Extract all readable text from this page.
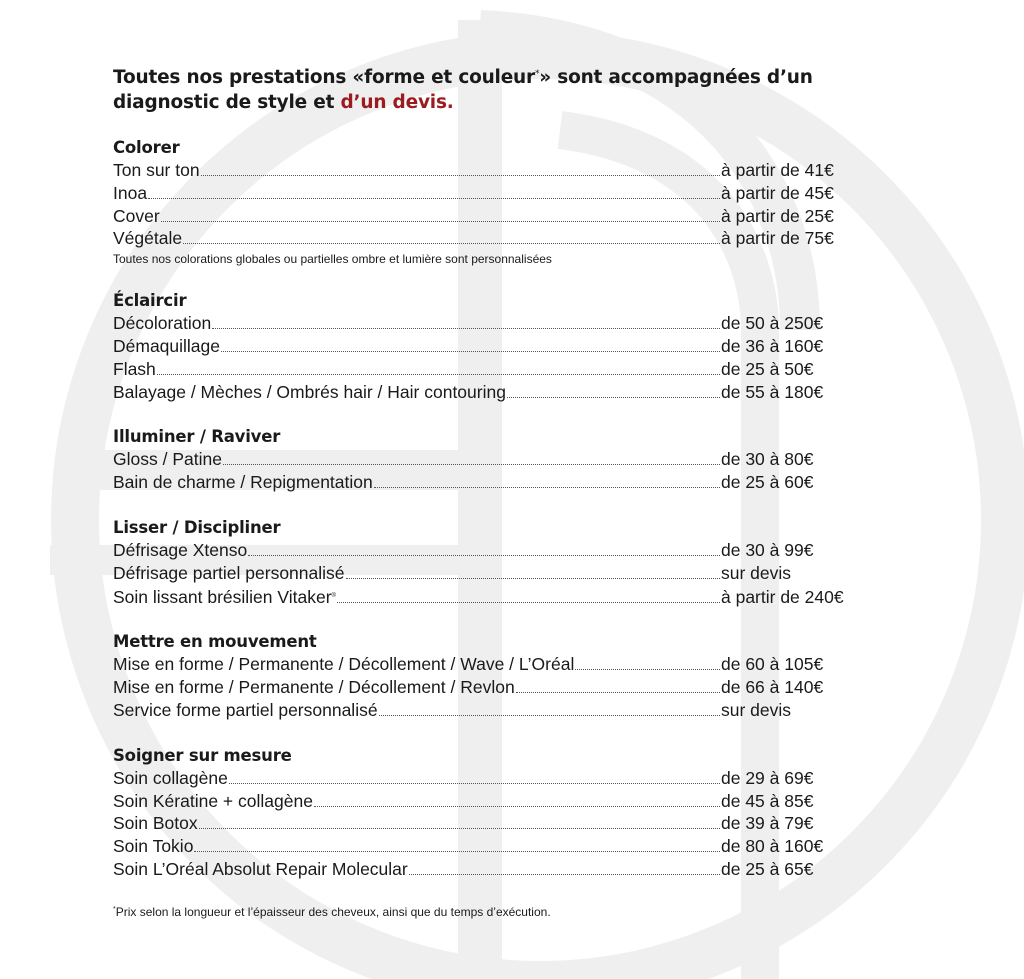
Toutes nos prestations «forme et couleur*» sont accompagnées d’un
diagnostic de style et d’un devis.

Colorer
Ton sur ton	à partir de 41€
Inoa	à partir de 45€
Cover	à partir de 25€
Végétale	à partir de 75€
Toutes nos colorations globales ou partielles ombre et lumière sont personnalisées
Éclaircir
Décoloration	de 50 à 250€
Démaquillage	de 36 à 160€
Flash	de 25 à 50€
Balayage / Mèches / Ombrés hair / Hair contouring	de 55 à 180€
Illuminer / Raviver
Gloss / Patine	de 30 à 80€
Bain de charme / Repigmentation	de 25 à 60€
Lisser / Discipliner
Défrisage Xtenso	de 30 à 99€
Défrisage partiel personnalisé	sur devis
Soin lissant brésilien Vitaker®	à partir de 240€
Mettre en mouvement
Mise en forme / Permanente / Décollement / Wave / L’Oréal	de 60 à 105€
Mise en forme / Permanente / Décollement / Revlon	de 66 à 140€
Service forme partiel personnalisé	sur devis
Soigner sur mesure
Soin collagène	de 29 à 69€
Soin Kératine + collagène	de 45 à 85€
Soin Botox	de 39 à 79€
Soin Tokio	de 80 à 160€
Soin L’Oréal Absolut Repair Molecular	de 25 à 65€
*Prix selon la longueur et l’épaisseur des cheveux, ainsi que du temps d’exécution.
